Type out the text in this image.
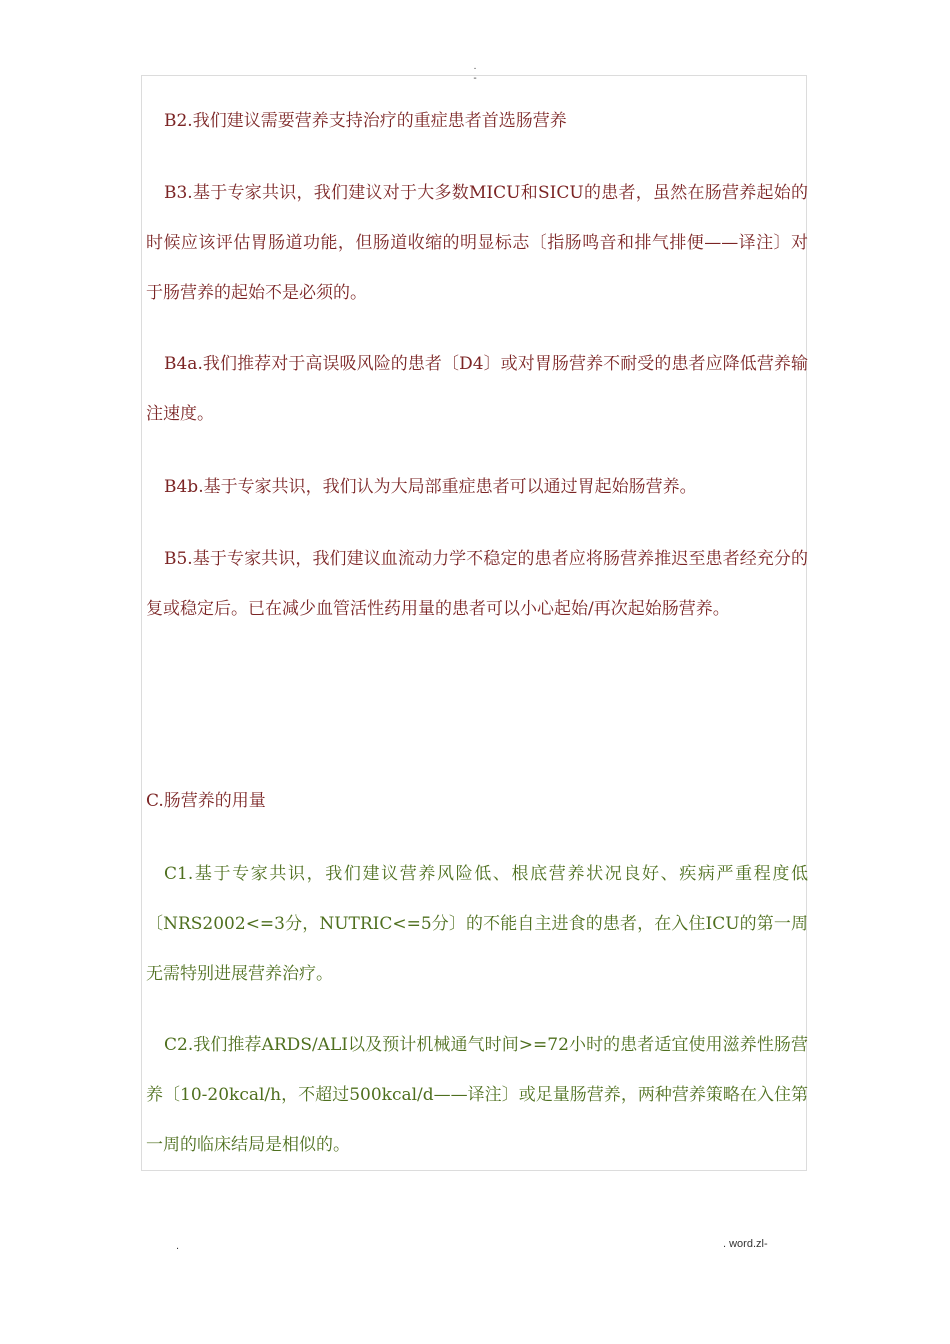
.
-

B2.我们建议需要营养支持治疗的重症患者首选肠营养

B3.基于专家共识，我们建议对于大多数MICU和SICU的患者，虽然在肠营养起始的时候应该评估胃肠道功能，但肠道收缩的明显标志〔指肠鸣音和排气排便——译注〕对于肠营养的起始不是必须的。

B4a.我们推荐对于高误吸风险的患者〔D4〕或对胃肠营养不耐受的患者应降低营养输注速度。

B4b.基于专家共识，我们认为大局部重症患者可以通过胃起始肠营养。

B5.基于专家共识，我们建议血流动力学不稳定的患者应将肠营养推迟至患者经充分的复或稳定后。已在减少血管活性药用量的患者可以小心起始/再次起始肠营养。

C.肠营养的用量

C1.基于专家共识，我们建议营养风险低、根底营养状况良好、疾病严重程度低〔NRS2002<=3分，NUTRIC<=5分〕的不能自主进食的患者，在入住ICU的第一周无需特别进展营养治疗。

C2.我们推荐ARDS/ALI以及预计机械通气时间>=72小时的患者适宜使用滋养性肠营养〔10-20kcal/h，不超过500kcal/d——译注〕或足量肠营养，两种营养策略在入住第一周的临床结局是相似的。

.	. word.zl-
